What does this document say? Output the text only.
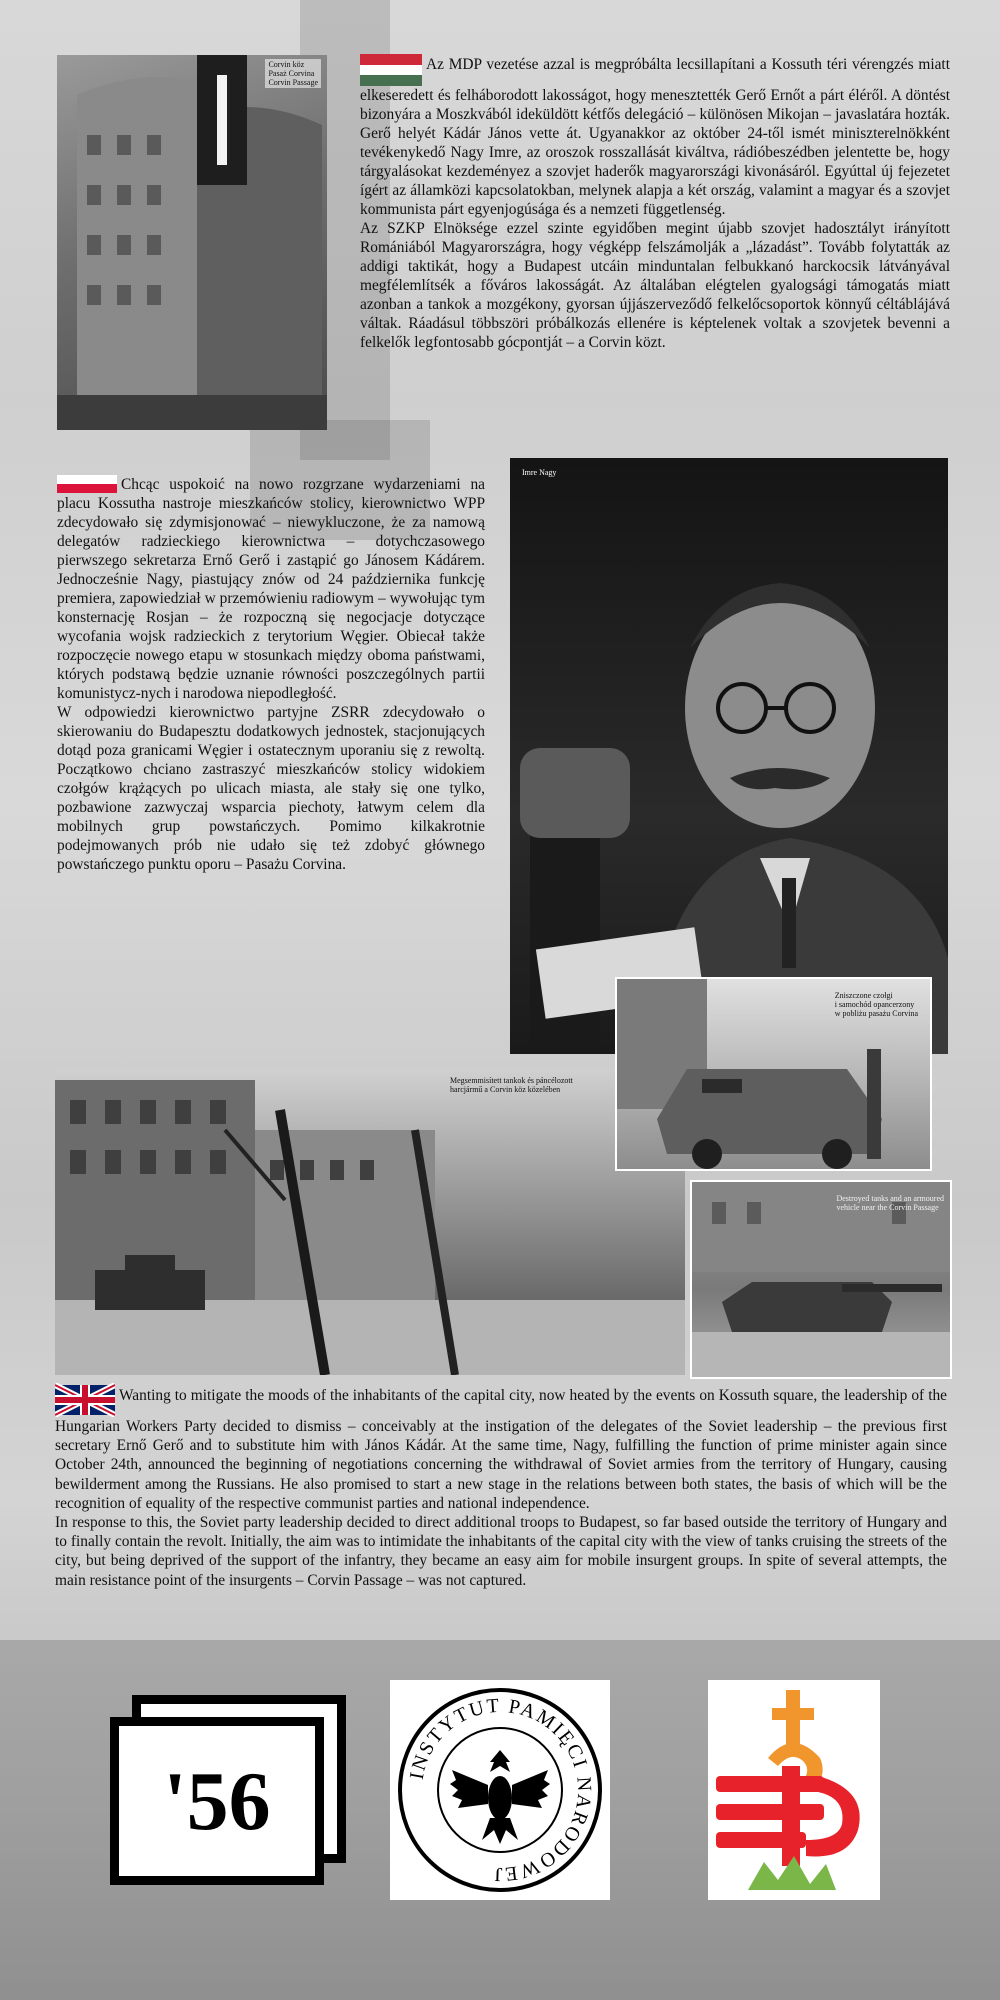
Corvin köz
Pasaż Corvina
Corvin Passage

Az MDP vezetése azzal is megpróbálta lecsillapítani a Kossuth téri vérengzés miatt elkeseredett és felháborodott lakosságot, hogy menesztették Gerő Ernőt a párt éléről. A döntést bizonyára a Moszkvából ideküldött kétfős delegáció – különösen Mikojan – javaslatára hozták. Gerő helyét Kádár János vette át. Ugyanakkor az október 24-től ismét miniszterelnökként tevékenykedő Nagy Imre, az oroszok rosszallását kiváltva, rádióbeszédben jelentette be, hogy tárgyalásokat kezdeményez a szovjet haderők magyarországi kivonásáról. Egyúttal új fejezetet ígért az államközi kapcsolatokban, melynek alapja a két ország, valamint a magyar és a szovjet kommunista párt egyenjogúsága és a nemzeti függetlenség.

Az SZKP Elnöksége ezzel szinte egyidőben megint újabb szovjet hadosztályt irányított Romániából Magyarországra, hogy végképp felszámolják a „lázadást”. Tovább folytatták az addigi taktikát, hogy a Budapest utcáin minduntalan felbukkanó harckocsik látványával megfélemlítsék a főváros lakosságát. Az általában elégtelen gyalogsági támogatás miatt azonban a tankok a mozgékony, gyorsan újjászerveződő felkelőcsoportok könnyű céltáblájává váltak. Ráadásul többszöri próbálkozás ellenére is képtelenek voltak a szovjetek bevenni a felkelők legfontosabb gócpontját – a Corvin közt.

Chcąc uspokoić na nowo rozgrzane wydarzeniami na placu Kossutha nastroje mieszkańców stolicy, kierownictwo WPP zdecydowało się zdymisjonować – niewykluczone, że za namową delegatów radzieckiego kierownictwa – dotychczasowego pierwszego sekretarza Ernő Gerő i zastąpić go Jánosem Kádárem. Jednocześnie Nagy, piastujący znów od 24 października funkcję premiera, zapowiedział w przemówieniu radiowym – wywołując tym konsternację Rosjan – że rozpoczną się negocjacje dotyczące wycofania wojsk radzieckich z terytorium Węgier. Obiecał także rozpoczęcie nowego etapu w stosunkach między oboma państwami, których podstawą będzie uznanie równości poszczególnych partii komunistycz-nych i narodowa niepodległość.

W odpowiedzi kierownictwo partyjne ZSRR zdecydowało o skierowaniu do Budapesztu dodatkowych jednostek, stacjonujących dotąd poza granicami Węgier i ostatecznym uporaniu się z rewoltą. Początkowo chciano zastraszyć mieszkańców stolicy widokiem czołgów krążących po ulicach miasta, ale stały się one tylko, pozbawione zazwyczaj wsparcia piechoty, łatwym celem dla mobilnych grup powstańczych. Pomimo kilkakrotnie podejmowanych prób nie udało się też zdobyć głównego powstańczego punktu oporu – Pasażu Corvina.

Imre Nagy
Megsemmisített tankok és páncélozott
harcjármű a Corvin köz közelében
Zniszczone czołgi
i samochód opancerzony
w pobliżu pasażu Corvina
Destroyed tanks and an armoured
vehicle near the Corvin Passage

Wanting to mitigate the moods of the inhabitants of the capital city, now heated by the events on Kossuth square, the leadership of the Hungarian Workers Party decided to dismiss – conceivably at the instigation of the delegates of the Soviet leadership – the previous first secretary Ernő Gerő and to substitute him with János Kádár. At the same time, Nagy, fulfilling the function of prime minister again since October 24th, announced the beginning of negotiations concerning the withdrawal of Soviet armies from the territory of Hungary, causing bewilderment among the Russians. He also promised to start a new stage in the relations between both states, the basis of which will be the recognition of equality of the respective communist parties and national independence.

In response to this, the Soviet party leadership decided to direct additional troops to Budapest, so far based outside the territory of Hungary and to finally contain the revolt. Initially, the aim was to intimidate the inhabitants of the capital city with the view of tanks cruising the streets of the city, but being deprived of the support of the infantry, they became an easy aim for mobile insurgent groups. In spite of several attempts, the main resistance point of the insurgents – Corvin Passage – was not captured.

'56	INSTYTUT PAMIĘCI NARODOWEJ
